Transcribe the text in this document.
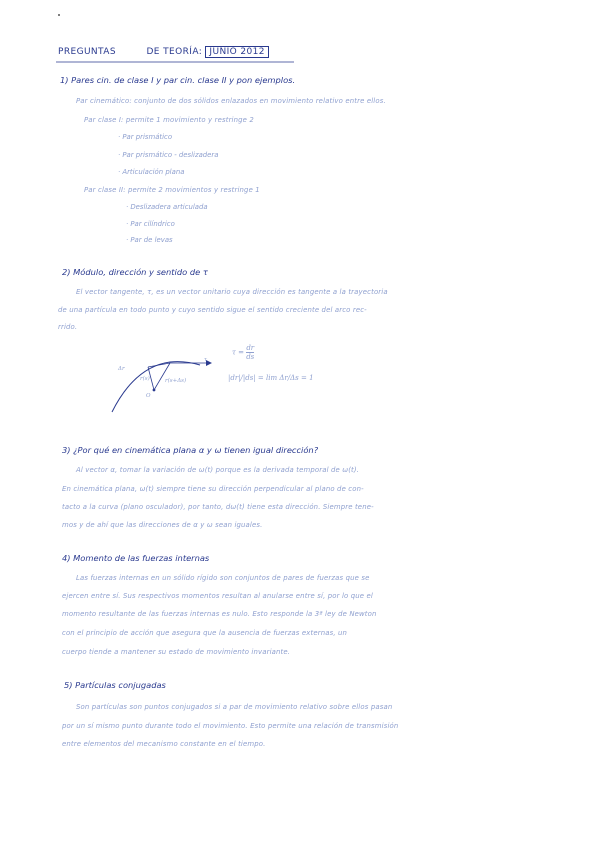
PREGUNTAS	DE TEORÍA: JUNIO 2012
1) Pares cin. de clase I y par cin. clase II y pon ejemplos.
Par cinemático: conjunto de dos sólidos enlazados en movimiento relativo entre ellos.
Par clase I: permite 1 movimiento y restringe 2
· Par prismático
· Par prismático - deslizadera
· Articulación plana
Par clase II: permite 2 movimientos y restringe 1
· Deslizadera articulada
· Par cilíndrico
· Par de levas
2) Módulo, dirección y sentido de τ
El vector tangente, τ, es un vector unitario cuya dirección es tangente a la trayectoria
de una partícula en todo punto y cuyo sentido sigue el sentido creciente del arco rec-
rrido.
Δr
r(s)	r(s+Δs)
O
τ
$\tau = \frac{dr}{ds}$
|dr|/|ds| = lim Δr/Δs = 1
3) ¿Por qué en cinemática plana α y ω tienen igual dirección?
Al vector α, tomar la variación de ω(t) porque es la derivada temporal de ω(t).
En cinemática plana, ω(t) siempre tiene su dirección perpendicular al plano de con-
tacto a la curva (plano osculador), por tanto, dω(t) tiene esta dirección. Siempre tene-
mos y de ahí que las direcciones de α y ω sean iguales.
4) Momento de las fuerzas internas
Las fuerzas internas en un sólido rígido son conjuntos de pares de fuerzas que se
ejercen entre sí. Sus respectivos momentos resultan al anularse entre sí, por lo que el
momento resultante de las fuerzas internas es nulo. Esto responde la 3ª ley de Newton
con el principio de acción que asegura que la ausencia de fuerzas externas, un
cuerpo tiende a mantener su estado de movimiento invariante.
5) Partículas conjugadas
Son partículas son puntos conjugados si a par de movimiento relativo sobre ellos pasan
por un sí mismo punto durante todo el movimiento. Esto permite una relación de transmisión
entre elementos del mecanismo constante en el tiempo.
